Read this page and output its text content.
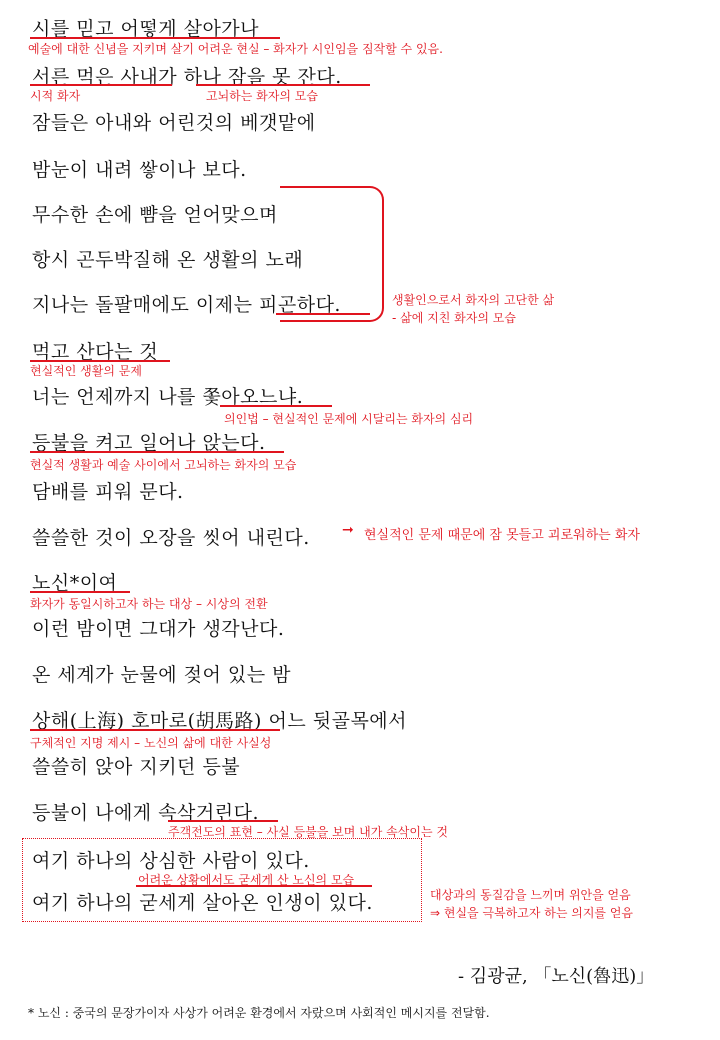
시를 믿고 어떻게 살아가나
예술에 대한 신념을 지키며 살기 어려운 현실 – 화자가 시인임을 짐작할 수 있음.
서른 먹은 사내가 하나 잠을 못 잔다.
시적 화자	고뇌하는 화자의 모습
잠들은 아내와 어린것의 베갯맡에
밤눈이 내려 쌓이나 보다.
무수한 손에 뺨을 얻어맞으며
항시 곤두박질해 온 생활의 노래
지나는 돌팔매에도 이제는 피곤하다.	생활인으로서 화자의 고단한 삶
- 삶에 지친 화자의 모습
먹고 산다는 것
현실적인 생활의 문제
너는 언제까지 나를 쫓아오느냐.
의인법 – 현실적인 문제에 시달리는 화자의 심리
등불을 켜고 일어나 앉는다.
현실적 생활과 예술 사이에서 고뇌하는 화자의 모습
담배를 피워 문다.
쓸쓸한 것이 오장을 씻어 내린다. ➞ 현실적인 문제 때문에 잠 못들고 괴로워하는 화자
노신*이여
화자가 동일시하고자 하는 대상 – 시상의 전환
이런 밤이면 그대가 생각난다.
온 세계가 눈물에 젖어 있는 밤
상해(上海) 호마로(胡馬路) 어느 뒷골목에서
구체적인 지명 제시 – 노신의 삶에 대한 사실성
쓸쓸히 앉아 지키던 등불
등불이 나에게 속삭거린다.
주객전도의 표현 – 사실 등불을 보며 내가 속삭이는 것
여기 하나의 상심한 사람이 있다.
어려운 상황에서도 굳세게 산 노신의 모습
여기 하나의 굳세게 살아온 인생이 있다.	대상과의 동질감을 느끼며 위안을 얻음
⇒ 현실을 극복하고자 하는 의지를 얻음
- 김광균, 「노신(魯迅)」
* 노신 : 중국의 문장가이자 사상가 어려운 환경에서 자랐으며 사회적인 메시지를 전달함.
